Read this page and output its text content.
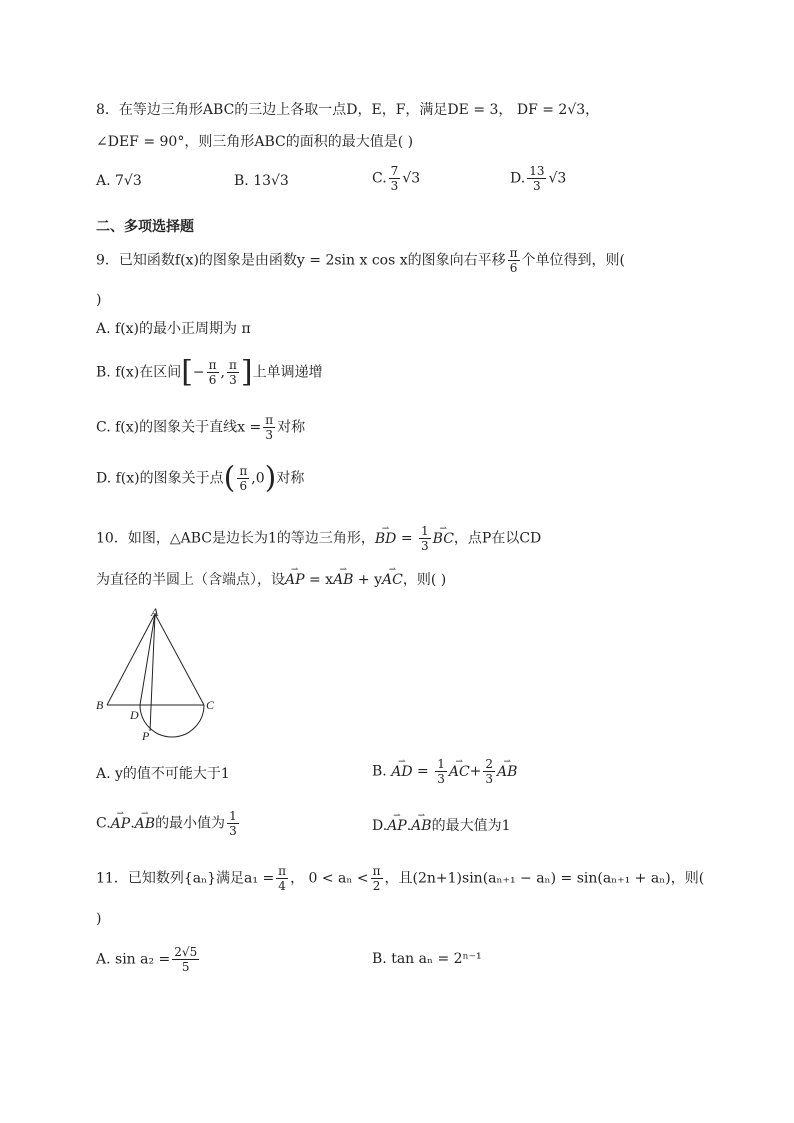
8．在等边三角形ABC的三边上各取一点D，E，F，满足DE = 3， DF = 2√3，
∠DEF = 90°，则三角形ABC的面积的最大值是( )
A. 7√3	B. 13√3	C. $\frac{7}{3} √3$	D. $\frac{13}{3} √3$
二、多项选择题
9．已知函数f(x)的图象是由函数y = 2sin x cos x的图象向右平移 $\frac{\pi}{6}$ 个单位得到，则(
)
A. f(x)的最小正周期为 π
B. f(x)在区间[− $\frac{\pi}{6}$ , $\frac{\pi}{3}$ ]上单调递增
C. f(x)的图象关于直线$x = \frac{\pi}{3}$ 对称
D. f(x)的图象关于点( $\frac{\pi}{6} ,0$)对称
10．如图，△ABC是边长为1的等边三角形，⇀ BD = $\frac{1}{3}$ ⇀ BC，点P在以CD
为直径的半圆上（含端点），设⇀ AP = x⇀ AB + y⇀ AC，则( )
A
B	C
D
P
A. y的值不可能大于1	B. ⇀ AD = $\frac{1}{3}$ ⇀ $AC+ \frac{2}{3}$ ⇀ AB
C.⇀ AP.⇀ AB的最小值为 $\frac{1}{3}$	D.⇀ AP.⇀ AB的最大值为1
11．已知数列{aₙ}满足$a_1 = \frac{\pi}{4}$ ， $0 < a_n < \frac{\pi}{2}$ ，且(2n+1)sin(aₙ₊₁ − aₙ) = sin(aₙ₊₁ + aₙ)，则(
)
A. $\sin a_2 = \frac{2√5}{5}$	B. tan aₙ = 2ⁿ⁻¹
